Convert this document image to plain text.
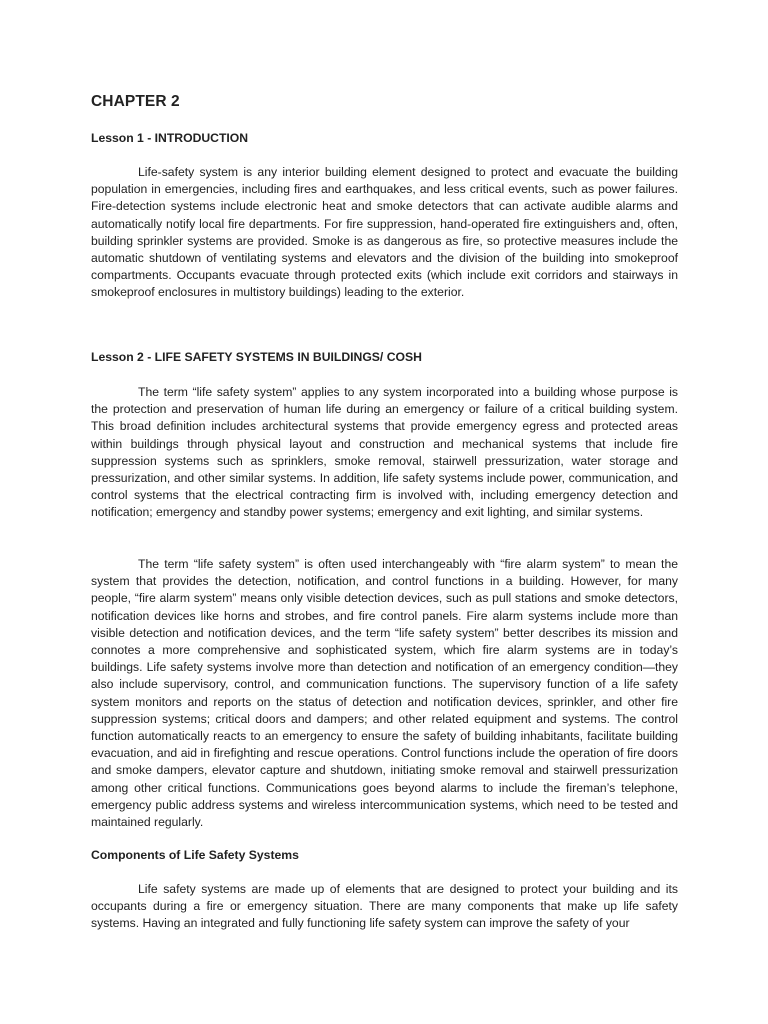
CHAPTER 2
Lesson 1 - INTRODUCTION

Life-safety system is any interior building element designed to protect and evacuate the building population in emergencies, including fires and earthquakes, and less critical events, such as power failures. Fire-detection systems include electronic heat and smoke detectors that can activate audible alarms and automatically notify local fire departments. For fire suppression, hand-operated fire extinguishers and, often, building sprinkler systems are provided. Smoke is as dangerous as fire, so protective measures include the automatic shutdown of ventilating systems and elevators and the division of the building into smokeproof compartments. Occupants evacuate through protected exits (which include exit corridors and stairways in smokeproof enclosures in multistory buildings) leading to the exterior.

Lesson 2 - LIFE SAFETY SYSTEMS IN BUILDINGS/ COSH

The term “life safety system” applies to any system incorporated into a building whose purpose is the protection and preservation of human life during an emergency or failure of a critical building system. This broad definition includes architectural systems that provide emergency egress and protected areas within buildings through physical layout and construction and mechanical systems that include fire suppression systems such as sprinklers, smoke removal, stairwell pressurization, water storage and pressurization, and other similar systems. In addition, life safety systems include power, communication, and control systems that the electrical contracting firm is involved with, including emergency detection and notification; emergency and standby power systems; emergency and exit lighting, and similar systems.

The term “life safety system” is often used interchangeably with “fire alarm system” to mean the system that provides the detection, notification, and control functions in a building. However, for many people, “fire alarm system” means only visible detection devices, such as pull stations and smoke detectors, notification devices like horns and strobes, and fire control panels. Fire alarm systems include more than visible detection and notification devices, and the term “life safety system” better describes its mission and connotes a more comprehensive and sophisticated system, which fire alarm systems are in today’s buildings. Life safety systems involve more than detection and notification of an emergency condition—they also include supervisory, control, and communication functions. The supervisory function of a life safety system monitors and reports on the status of detection and notification devices, sprinkler, and other fire suppression systems; critical doors and dampers; and other related equipment and systems. The control function automatically reacts to an emergency to ensure the safety of building inhabitants, facilitate building evacuation, and aid in firefighting and rescue operations. Control functions include the operation of fire doors and smoke dampers, elevator capture and shutdown, initiating smoke removal and stairwell pressurization among other critical functions. Communications goes beyond alarms to include the fireman’s telephone, emergency public address systems and wireless intercommunication systems, which need to be tested and maintained regularly.

Components of Life Safety Systems

Life safety systems are made up of elements that are designed to protect your building and its occupants during a fire or emergency situation. There are many components that make up life safety systems. Having an integrated and fully functioning life safety system can improve the safety of your
